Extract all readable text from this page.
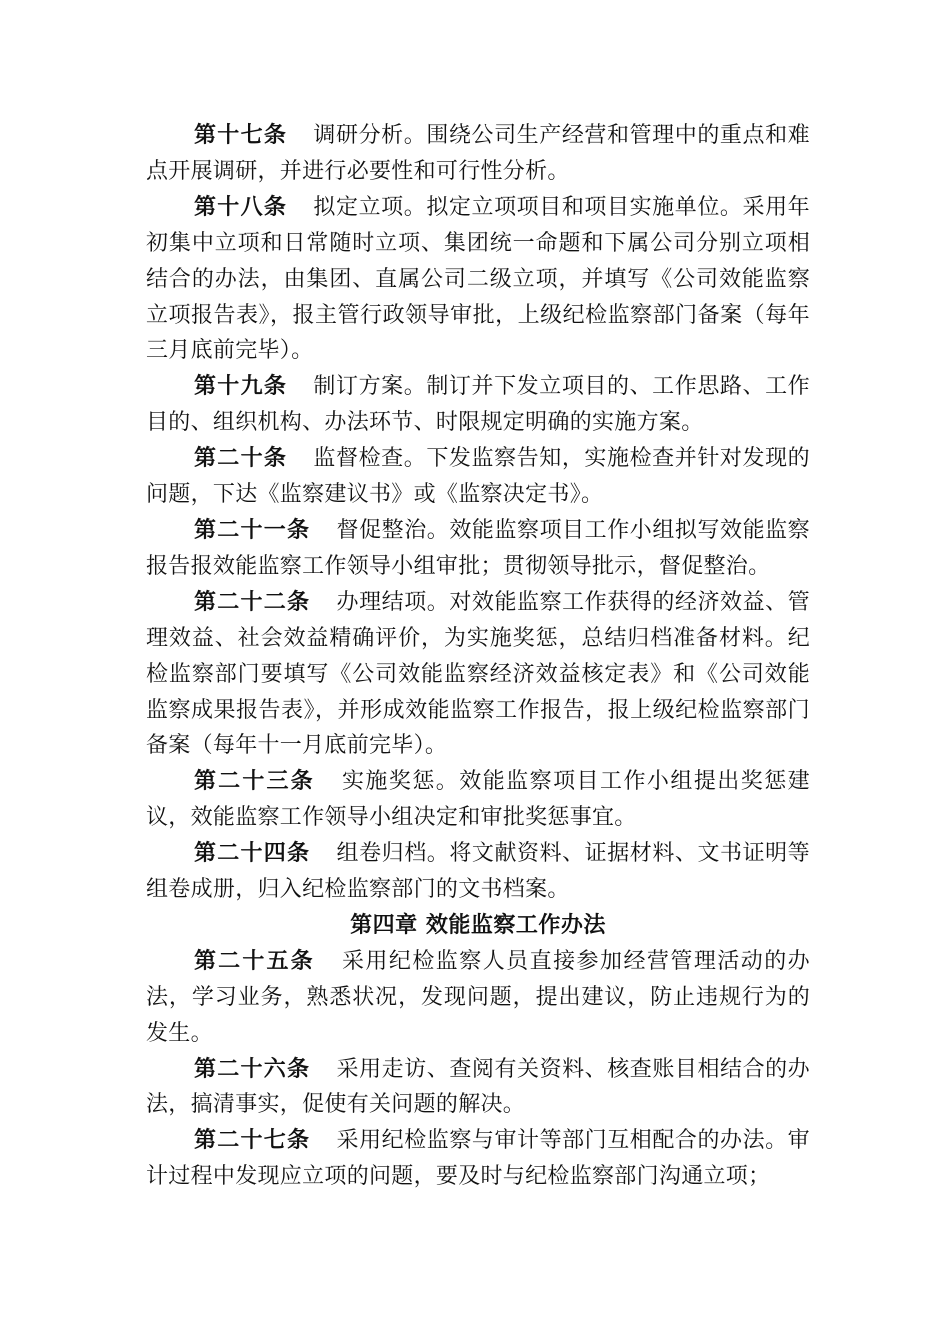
第十七条 调研分析。围绕公司生产经营和管理中的重点和难点开展调研，并进行必要性和可行性分析。

第十八条 拟定立项。拟定立项项目和项目实施单位。采用年初集中立项和日常随时立项、集团统一命题和下属公司分别立项相结合的办法，由集团、直属公司二级立项，并填写《公司效能监察立项报告表》，报主管行政领导审批，上级纪检监察部门备案（每年三月底前完毕）。

第十九条 制订方案。制订并下发立项目的、工作思路、工作目的、组织机构、办法环节、时限规定明确的实施方案。

第二十条 监督检查。下发监察告知，实施检查并针对发现的问题，下达《监察建议书》或《监察决定书》。

第二十一条 督促整治。效能监察项目工作小组拟写效能监察报告报效能监察工作领导小组审批；贯彻领导批示，督促整治。

第二十二条 办理结项。对效能监察工作获得的经济效益、管理效益、社会效益精确评价，为实施奖惩，总结归档准备材料。纪检监察部门要填写《公司效能监察经济效益核定表》和《公司效能监察成果报告表》，并形成效能监察工作报告，报上级纪检监察部门备案（每年十一月底前完毕）。

第二十三条 实施奖惩。效能监察项目工作小组提出奖惩建议，效能监察工作领导小组决定和审批奖惩事宜。

第二十四条 组卷归档。将文献资料、证据材料、文书证明等组卷成册，归入纪检监察部门的文书档案。

第四章 效能监察工作办法

第二十五条 采用纪检监察人员直接参加经营管理活动的办法，学习业务，熟悉状况，发现问题，提出建议，防止违规行为的发生。

第二十六条 采用走访、查阅有关资料、核查账目相结合的办法，搞清事实，促使有关问题的解决。

第二十七条 采用纪检监察与审计等部门互相配合的办法。审计过程中发现应立项的问题，要及时与纪检监察部门沟通立项；
